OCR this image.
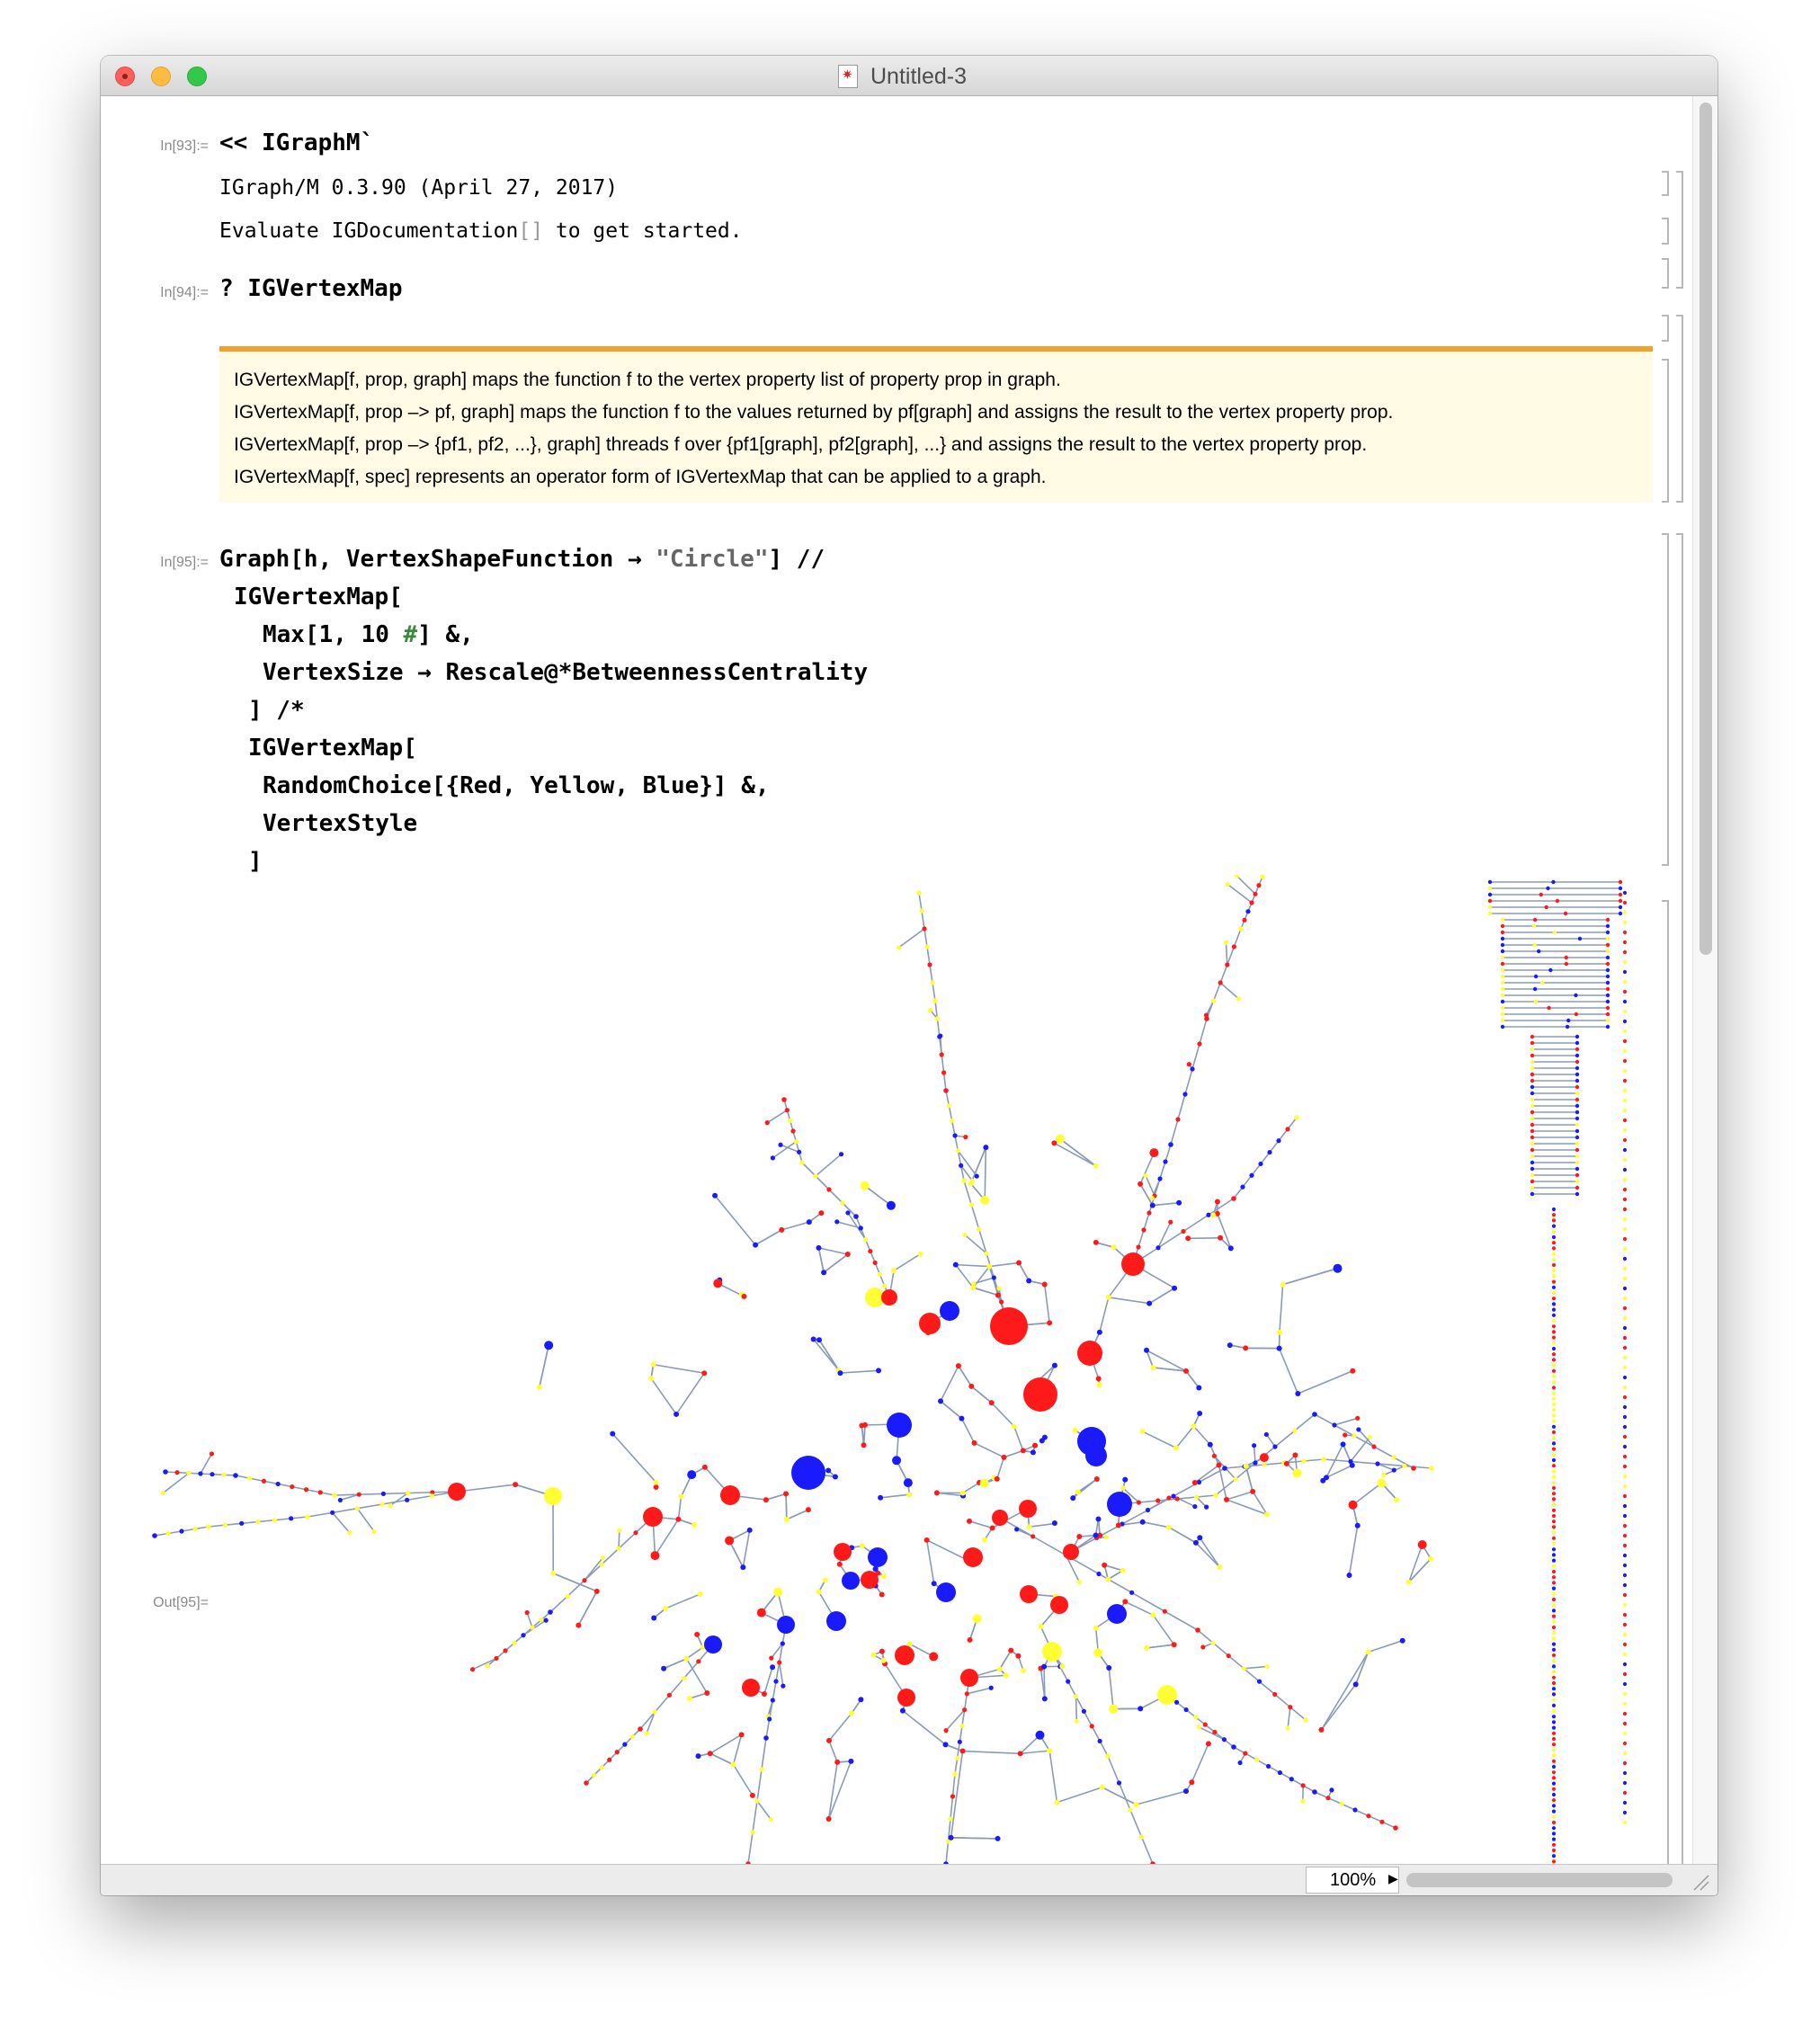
✷
Untitled-3
In[93]:= << IGraphM`
IGraph/M 0.3.90 (April 27, 2017)
Evaluate IGDocumentation[] to get started.
In[94]:= ? IGVertexMap
IGVertexMap[f, prop, graph] maps the function f to the vertex property list of property prop in graph.
IGVertexMap[f, prop –> pf, graph] maps the function f to the values returned by pf[graph] and assigns the result to the vertex property prop.
IGVertexMap[f, prop –> {pf1, pf2, ...}, graph] threads f over {pf1[graph], pf2[graph], ...} and assigns the result to the vertex property prop.
IGVertexMap[f, spec] represents an operator form of IGVertexMap that can be applied to a graph.
In[95]:= Graph[h, VertexShapeFunction → "Circle"] //
IGVertexMap[
Max[1, 10 #] &,
VertexSize → Rescale@*BetweennessCentrality
] /*
IGVertexMap[
RandomChoice[{Red, Yellow, Blue}] &,
VertexStyle
]
Out[95]=
100% ▶
